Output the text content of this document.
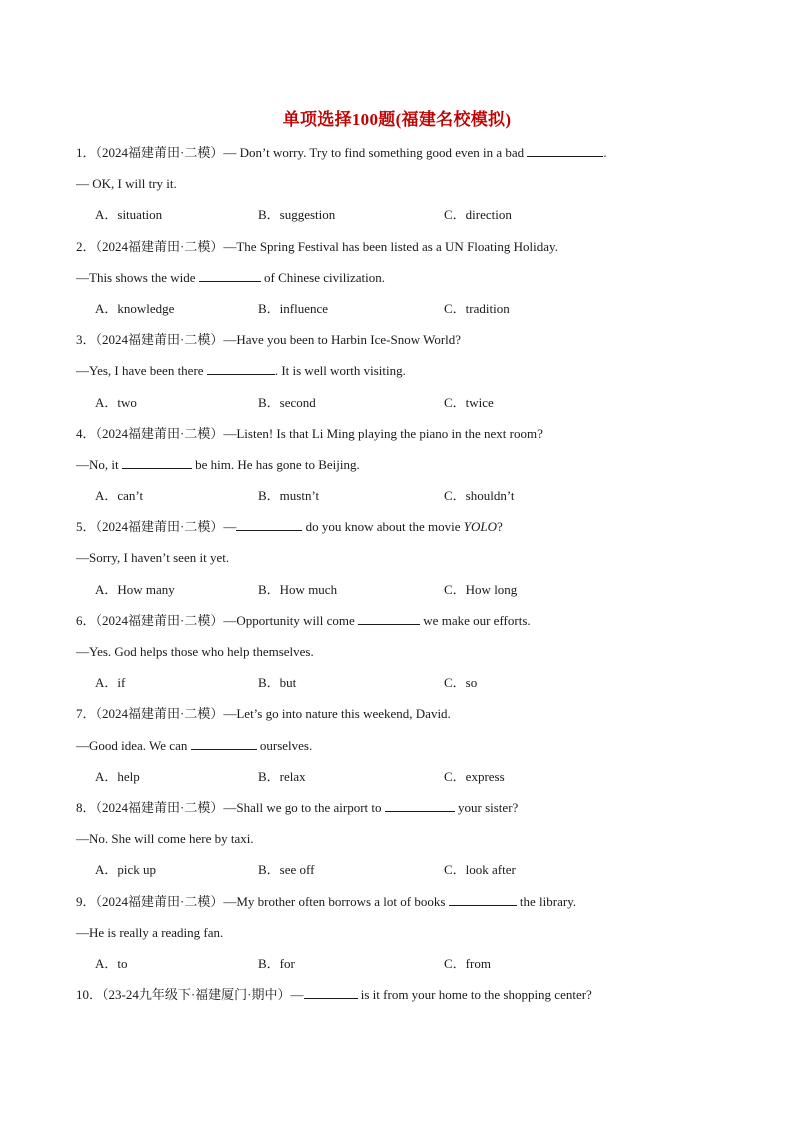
单项选择100题(福建名校模拟)
1．（2024福建莆田·二模）— Don’t worry. Try to find something good even in a bad	.
— OK, I will try it.
A．situation	B．suggestion	C．direction
2．（2024福建莆田·二模）—The Spring Festival has been listed as a UN Floating Holiday.
—This shows the wide	of Chinese civilization.
A．knowledge	B．influence	C．tradition
3．（2024福建莆田·二模）—Have you been to Harbin Ice-Snow World?
—Yes, I have been there	. It is well worth visiting.
A．two	B．second	C．twice
4．（2024福建莆田·二模）—Listen! Is that Li Ming playing the piano in the next room?
—No, it	be him. He has gone to Beijing.
A．can’t	B．mustn’t	C．shouldn’t
5．（2024福建莆田·二模）—	do you know about the movie YOLO?
—Sorry, I haven’t seen it yet.
A．How many	B．How much	C．How long
6．（2024福建莆田·二模）—Opportunity will come	we make our efforts.
—Yes. God helps those who help themselves.
A．if	B．but	C．so
7．（2024福建莆田·二模）—Let’s go into nature this weekend, David.
—Good idea. We can	ourselves.
A．help	B．relax	C．express
8．（2024福建莆田·二模）—Shall we go to the airport to	your sister?
—No. She will come here by taxi.
A．pick up	B．see off	C．look after
9．（2024福建莆田·二模）—My brother often borrows a lot of books	the library.
—He is really a reading fan.
A．to	B．for	C．from
10．（23-24九年级下·福建厦门·期中）—	is it from your home to the shopping center?
